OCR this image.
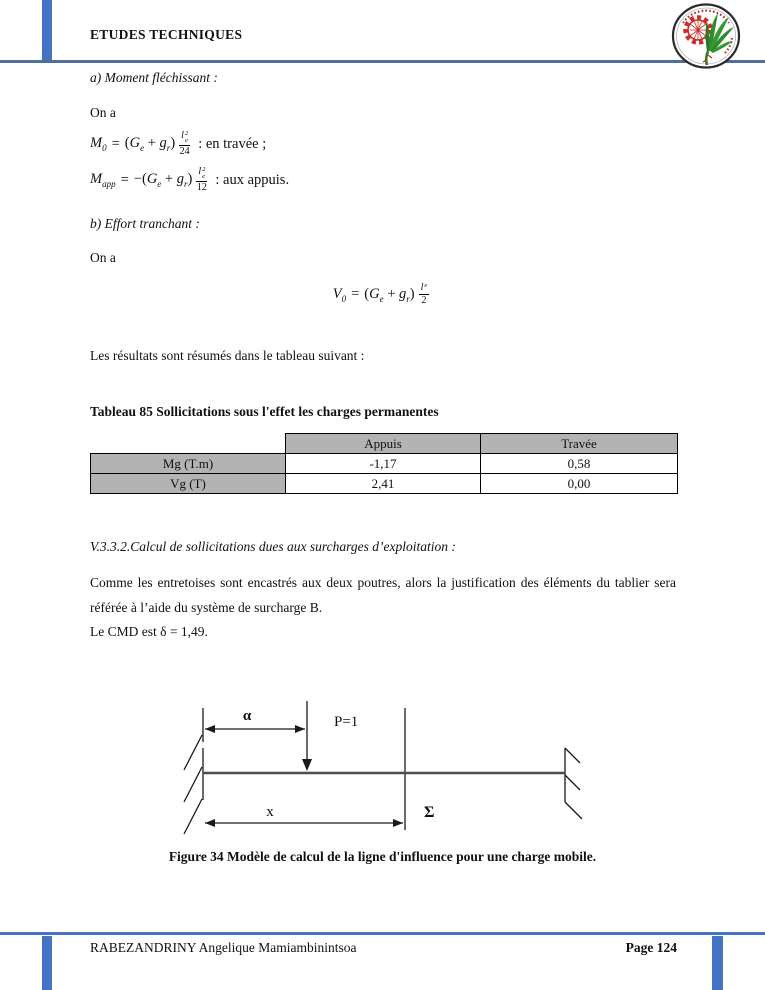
ETUDES TECHNIQUES
a) Moment fléchissant :
On a
$M_0 = (G_e + g_r)$ l 2
e
24 : en travée ;
$M_{app} = -(G_e + g_r)$ l 2
e
12 : aux appuis.
b) Effort tranchant :
On a
$V_0 = (G_e + g_r) \frac{\text{l e}}{2}$
Les résultats sont résumés dans le tableau suivant :
Tableau 85 Sollicitations sous l'effet les charges permanentes
	Appuis	Travée
Mg (T.m)	-1,17	0,58
Vg (T)	2,41	0,00
V.3.3.2.Calcul de sollicitations dues aux surcharges d’exploitation :
Comme les entretoises sont encastrés aux deux poutres, alors la justification des éléments du tablier sera référée à l’aide du système de surcharge B.
Le CMD est δ = 1,49.
α	P=1
x	Σ
Figure 34 Modèle de calcul de la ligne d'influence pour une charge mobile.
RABEZANDRINY Angelique Mamiambinintsoa	Page 124
